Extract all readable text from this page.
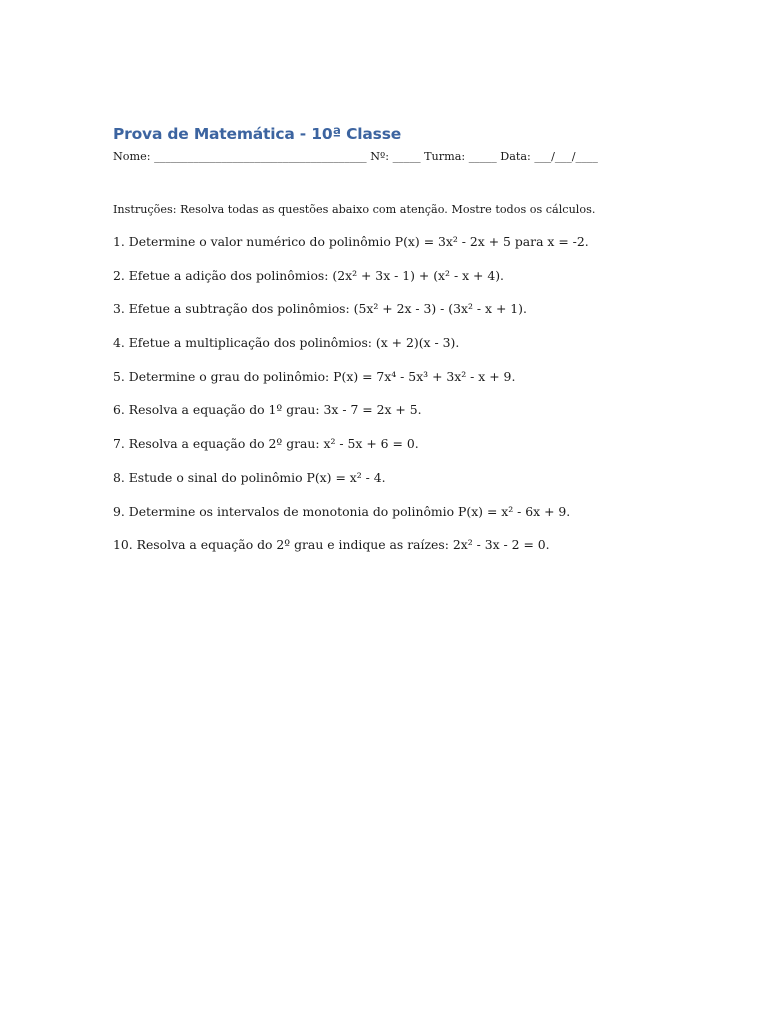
Prova de Matemática - 10ª Classe
Nome: ______________________________________ Nº: _____ Turma: _____ Data: ___/___/____
Instruções: Resolva todas as questões abaixo com atenção. Mostre todos os cálculos.
1. Determine o valor numérico do polinômio P(x) = 3x² - 2x + 5 para x = -2.
2. Efetue a adição dos polinômios: (2x² + 3x - 1) + (x² - x + 4).
3. Efetue a subtração dos polinômios: (5x² + 2x - 3) - (3x² - x + 1).
4. Efetue a multiplicação dos polinômios: (x + 2)(x - 3).
5. Determine o grau do polinômio: P(x) = 7x⁴ - 5x³ + 3x² - x + 9.
6. Resolva a equação do 1º grau: 3x - 7 = 2x + 5.
7. Resolva a equação do 2º grau: x² - 5x + 6 = 0.
8. Estude o sinal do polinômio P(x) = x² - 4.
9. Determine os intervalos de monotonia do polinômio P(x) = x² - 6x + 9.
10. Resolva a equação do 2º grau e indique as raízes: 2x² - 3x - 2 = 0.
